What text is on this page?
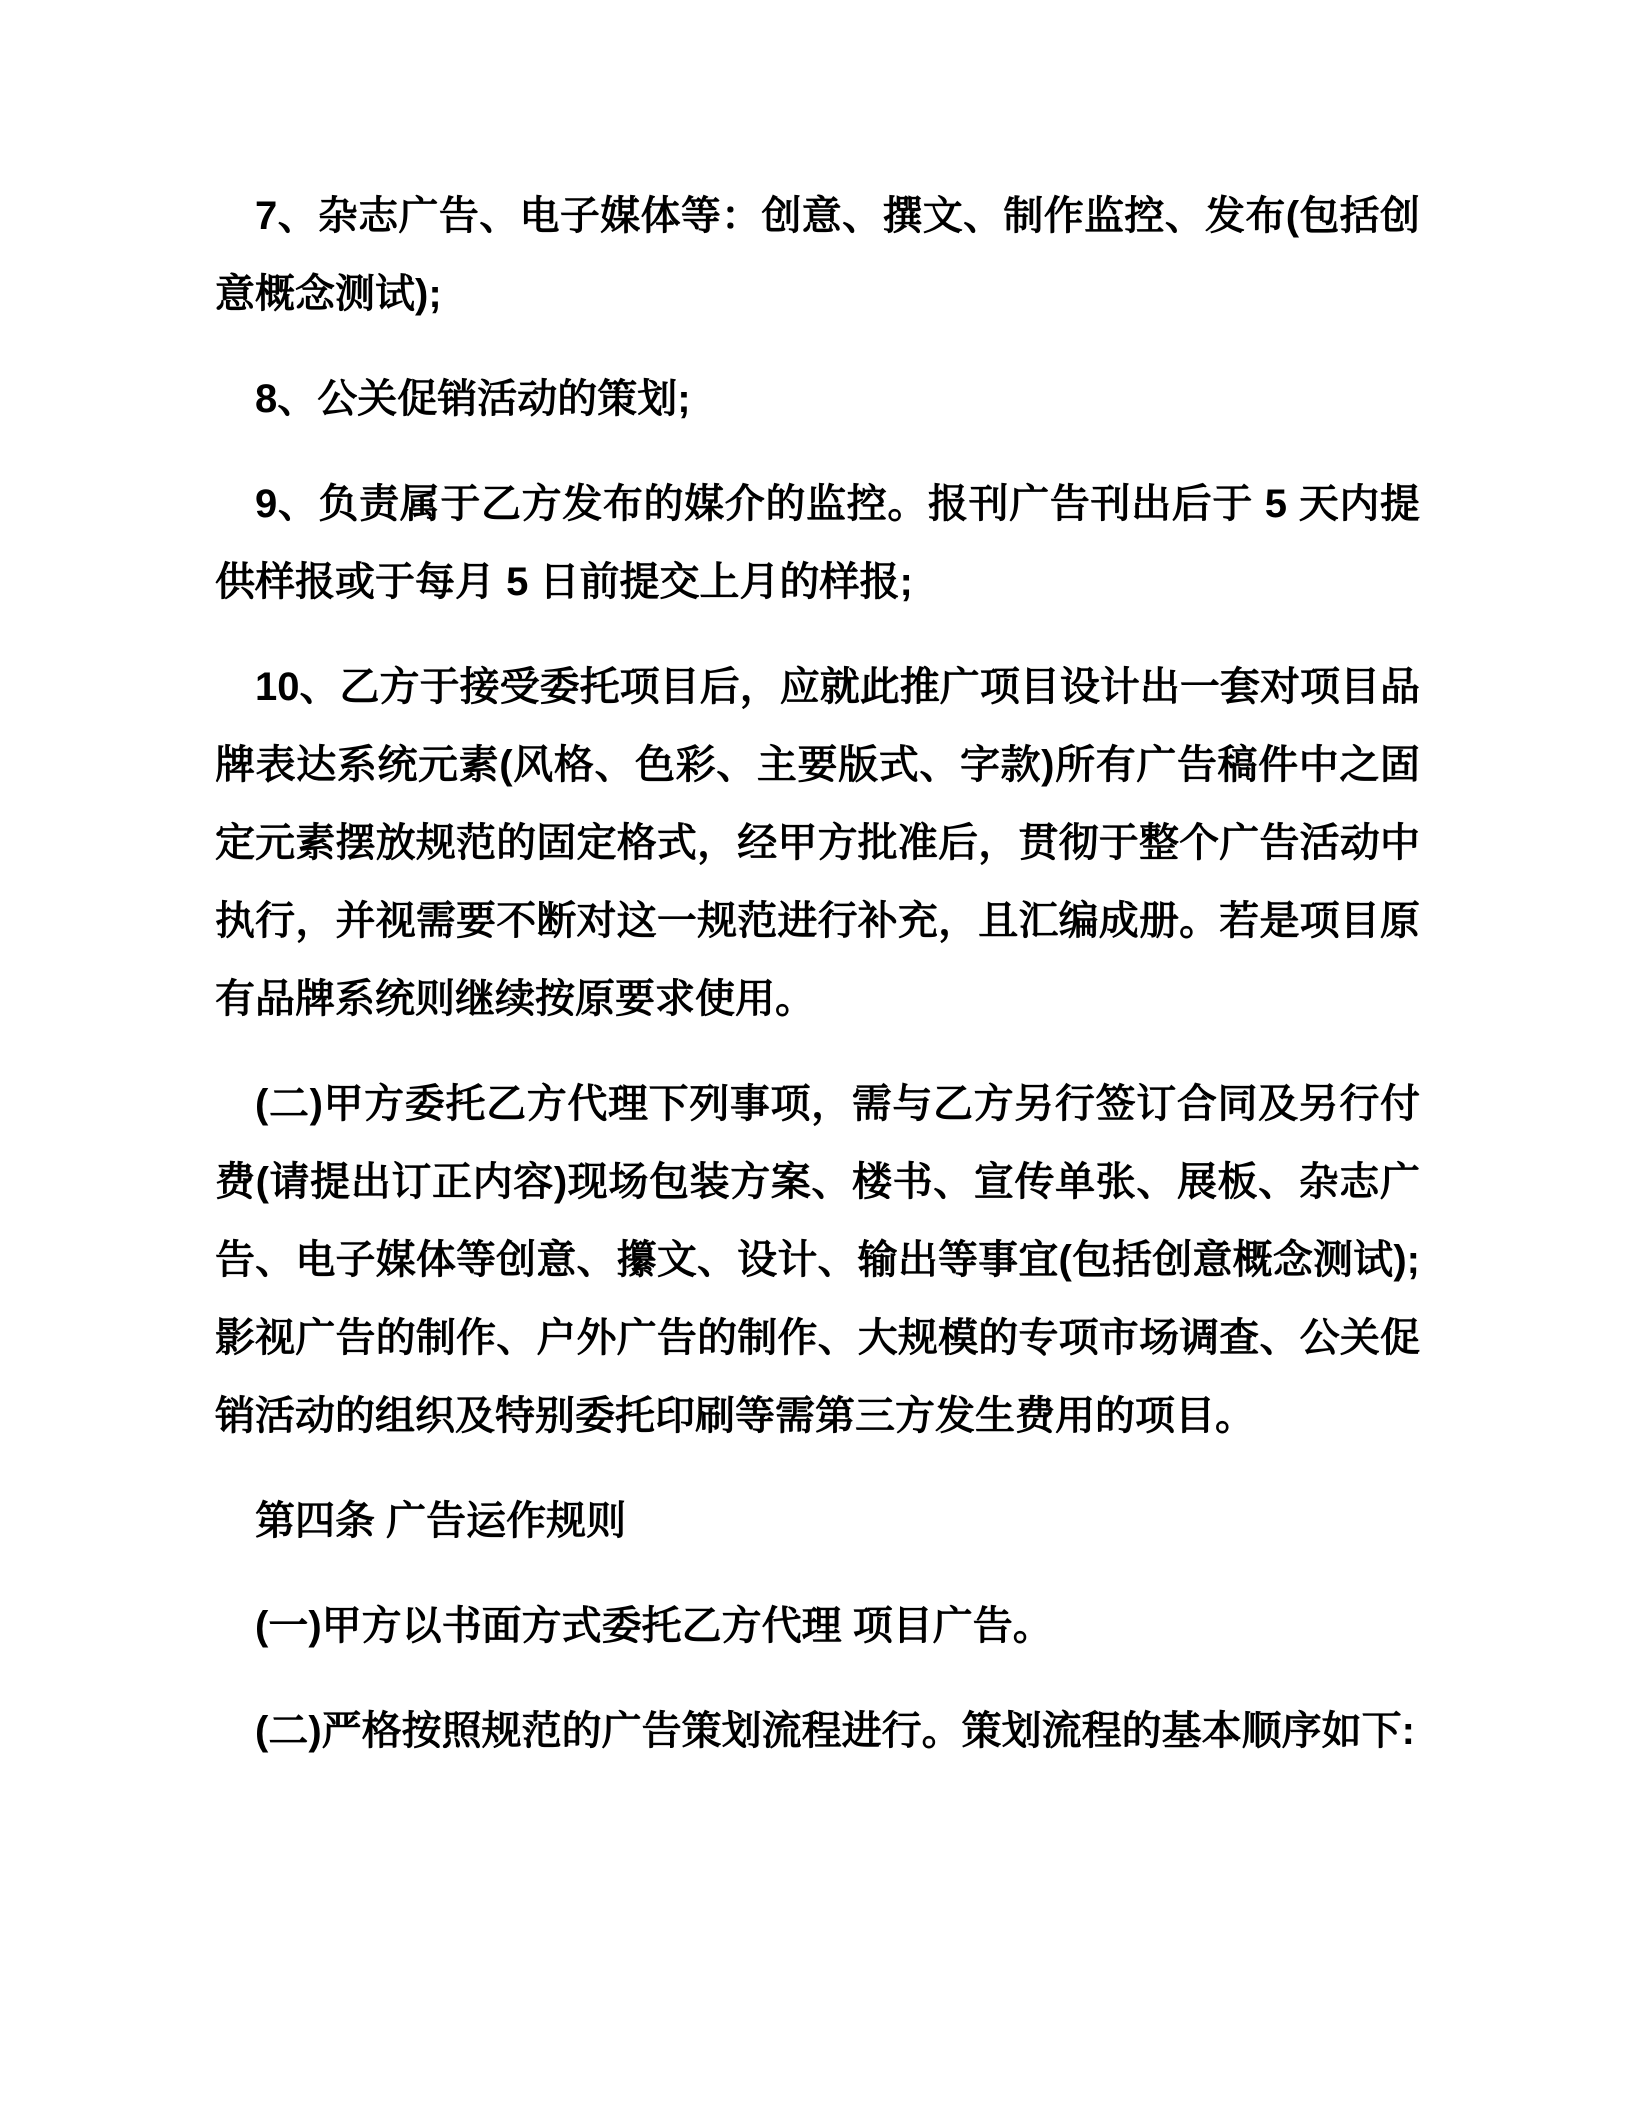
7、杂志广告、电子媒体等：创意、撰文、制作监控、发布(包括创意概念测试);

8、公关促销活动的策划;

9、负责属于乙方发布的媒介的监控。报刊广告刊出后于 5 天内提供样报或于每月 5 日前提交上月的样报;

10、乙方于接受委托项目后，应就此推广项目设计出一套对项目品牌表达系统元素(风格、色彩、主要版式、字款)所有广告稿件中之固定元素摆放规范的固定格式，经甲方批准后，贯彻于整个广告活动中执行，并视需要不断对这一规范进行补充，且汇编成册。若是项目原有品牌系统则继续按原要求使用。

(二)甲方委托乙方代理下列事项，需与乙方另行签订合同及另行付费(请提出订正内容)现场包装方案、楼书、宣传单张、展板、杂志广告、电子媒体等创意、攥文、设计、输出等事宜(包括创意概念测试);影视广告的制作、户外广告的制作、大规模的专项市场调查、公关促销活动的组织及特别委托印刷等需第三方发生费用的项目。

第四条 广告运作规则

(一)甲方以书面方式委托乙方代理 项目广告。

(二)严格按照规范的广告策划流程进行。策划流程的基本顺序如下:
